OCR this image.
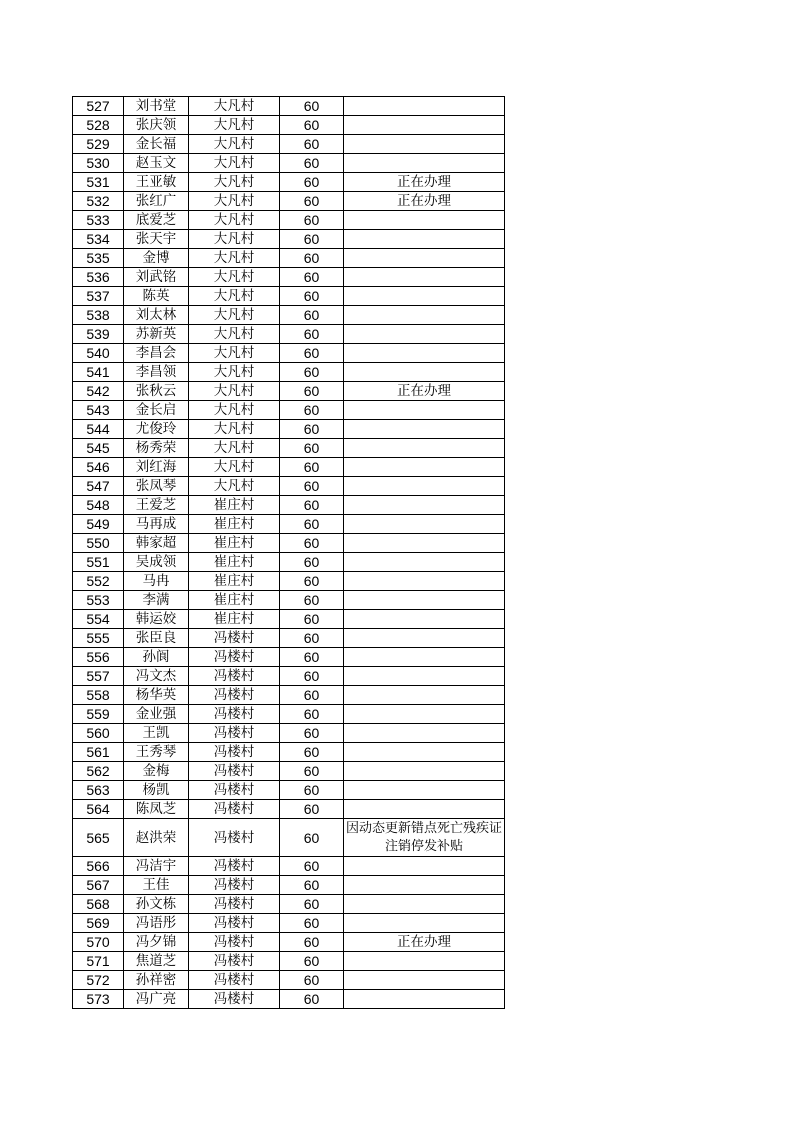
527	刘书堂	大凡村	60	
528	张庆领	大凡村	60	
529	金长福	大凡村	60	
530	赵玉文	大凡村	60	
531	王亚敏	大凡村	60	正在办理
532	张红广	大凡村	60	正在办理
533	底爱芝	大凡村	60	
534	张天宇	大凡村	60	
535	金博	大凡村	60	
536	刘武铭	大凡村	60	
537	陈英	大凡村	60	
538	刘太林	大凡村	60	
539	苏新英	大凡村	60	
540	李昌会	大凡村	60	
541	李昌领	大凡村	60	
542	张秋云	大凡村	60	正在办理
543	金长启	大凡村	60	
544	尤俊玲	大凡村	60	
545	杨秀荣	大凡村	60	
546	刘红海	大凡村	60	
547	张凤琴	大凡村	60	
548	王爱芝	崔庄村	60	
549	马再成	崔庄村	60	
550	韩家超	崔庄村	60	
551	吴成领	崔庄村	60	
552	马冉	崔庄村	60	
553	李满	崔庄村	60	
554	韩运姣	崔庄村	60	
555	张臣良	冯楼村	60	
556	孙阆	冯楼村	60	
557	冯文杰	冯楼村	60	
558	杨华英	冯楼村	60	
559	金业强	冯楼村	60	
560	王凯	冯楼村	60	
561	王秀琴	冯楼村	60	
562	金梅	冯楼村	60	
563	杨凯	冯楼村	60	
564	陈凤芝	冯楼村	60	
565	赵洪荣	冯楼村	60	因动态更新错点死亡残疾证注销停发补贴
566	冯洁宇	冯楼村	60	
567	王佳	冯楼村	60	
568	孙文栋	冯楼村	60	
569	冯语彤	冯楼村	60	
570	冯夕锦	冯楼村	60	正在办理
571	焦道芝	冯楼村	60	
572	孙祥密	冯楼村	60	
573	冯广亮	冯楼村	60	
